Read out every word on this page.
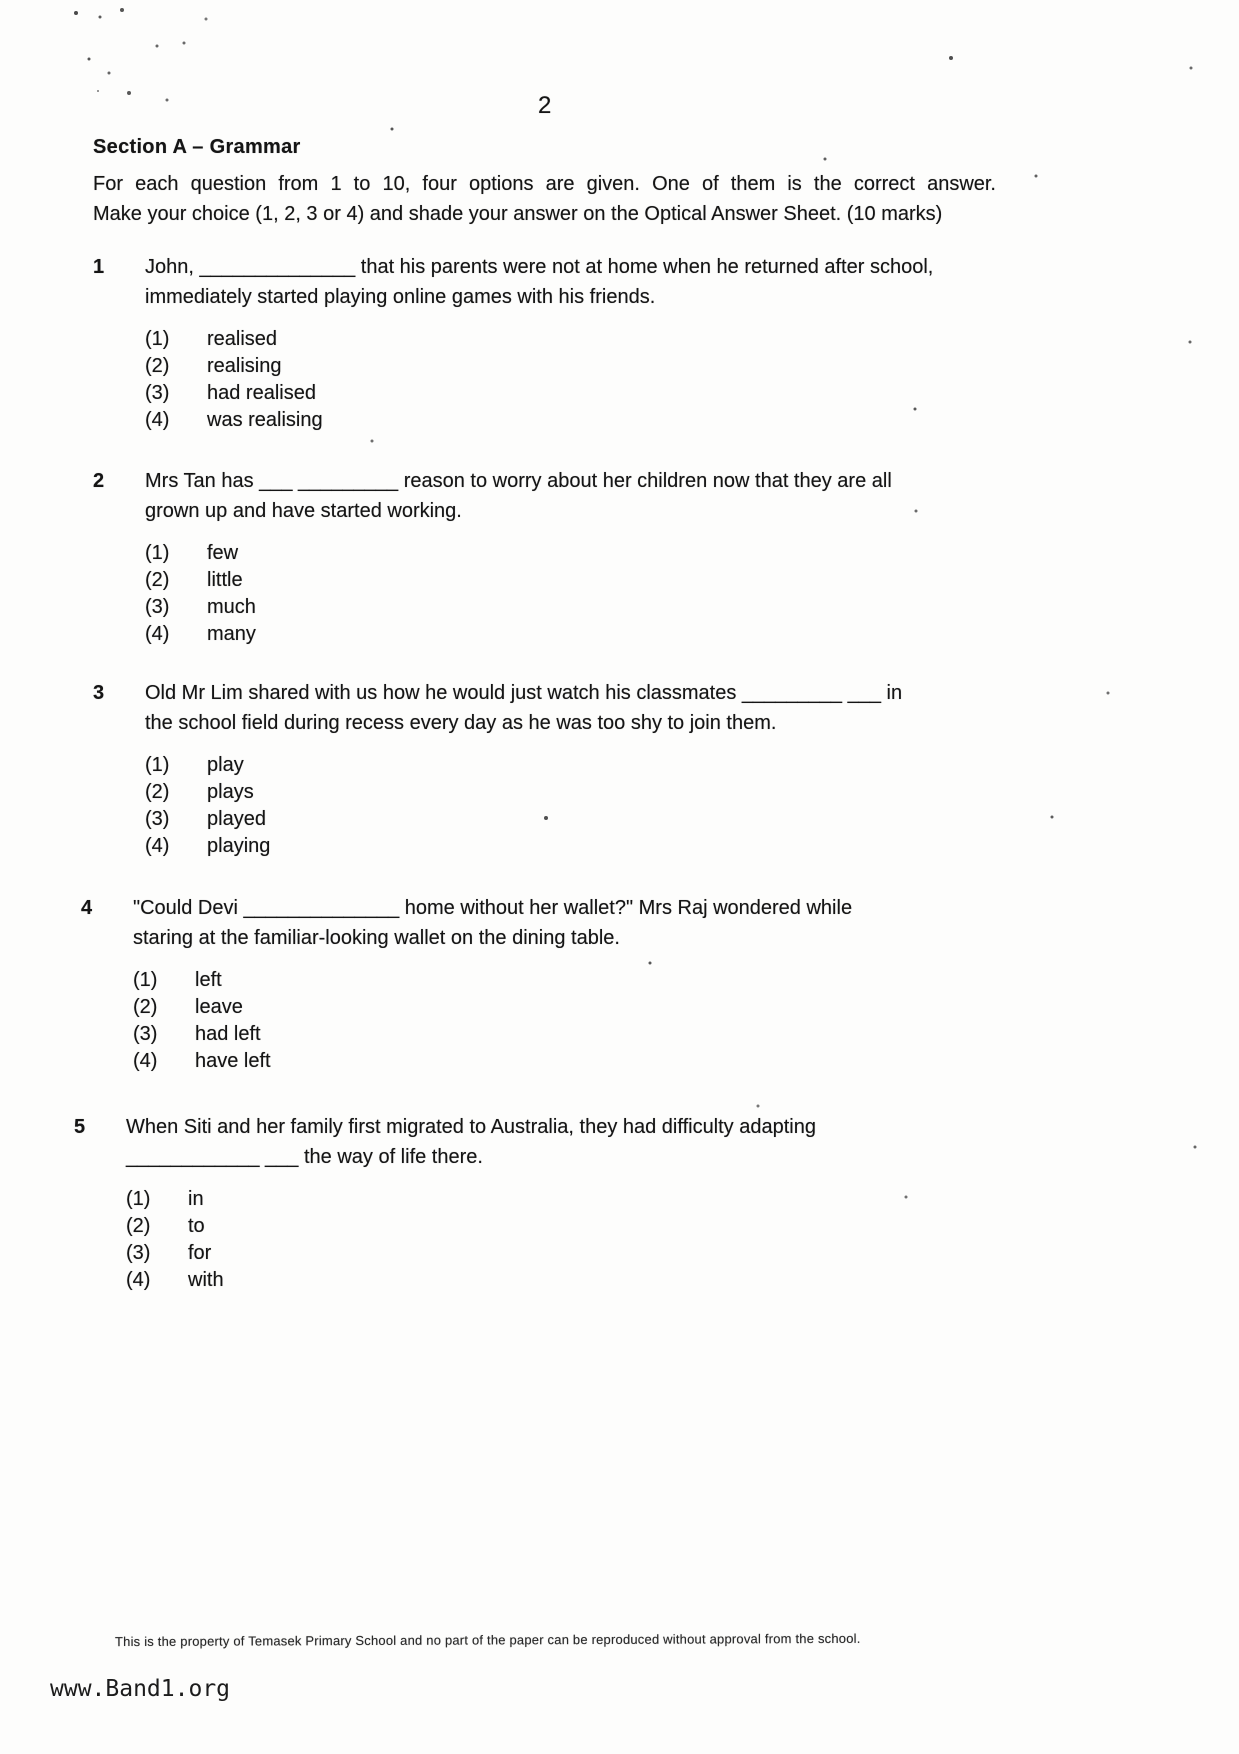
2
Section A – Grammar
For each question from 1 to 10, four options are given. One of them is the correct answer.
Make your choice (1, 2, 3 or 4) and shade your answer on the Optical Answer Sheet. (10 marks)
1	John, ______________ that his parents were not at home when he returned after school,
immediately started playing online games with his friends.
(1)	realised
(2)	realising
(3)	had realised
(4)	was realising
2	Mrs Tan has ___ _________ reason to worry about her children now that they are all
grown up and have started working.
(1)	few
(2)	little
(3)	much
(4)	many
3	Old Mr Lim shared with us how he would just watch his classmates _________ ___ in
the school field during recess every day as he was too shy to join them.
(1)	play
(2)	plays
(3)	played
(4)	playing
4	"Could Devi ______________ home without her wallet?" Mrs Raj wondered while
staring at the familiar-looking wallet on the dining table.
(1)	left
(2)	leave
(3)	had left
(4)	have left
5	When Siti and her family first migrated to Australia, they had difficulty adapting
____________ ___ the way of life there.
(1)	in
(2)	to
(3)	for
(4)	with
This is the property of Temasek Primary School and no part of the paper can be reproduced without approval from the school.
www.Band1.org
